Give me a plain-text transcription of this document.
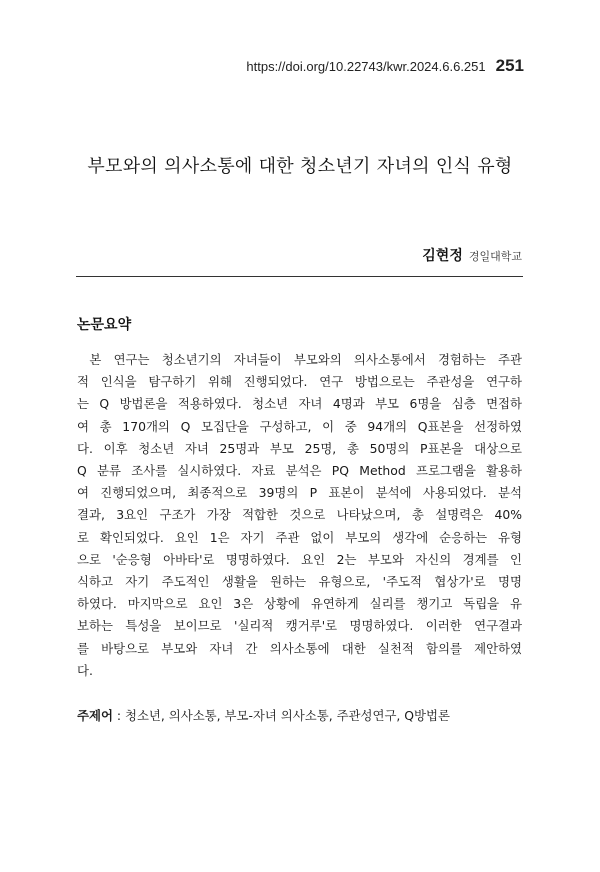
https://doi.org/10.22743/kwr.2024.6.6.251 251
부모와의 의사소통에 대한 청소년기 자녀의 인식 유형
김현정 경일대학교
논문요약
본 연구는 청소년기의 자녀들이 부모와의 의사소통에서 경험하는 주관
적 인식을 탐구하기 위해 진행되었다. 연구 방법으로는 주관성을 연구하
는 Q 방법론을 적용하였다. 청소년 자녀 4명과 부모 6명을 심층 면접하
여 총 170개의 Q 모집단을 구성하고, 이 중 94개의 Q표본을 선정하였
다. 이후 청소년 자녀 25명과 부모 25명, 총 50명의 P표본을 대상으로
Q 분류 조사를 실시하였다. 자료 분석은 PQ Method 프로그램을 활용하
여 진행되었으며, 최종적으로 39명의 P 표본이 분석에 사용되었다. 분석
결과, 3요인 구조가 가장 적합한 것으로 나타났으며, 총 설명력은 40%
로 확인되었다. 요인 1은 자기 주관 없이 부모의 생각에 순응하는 유형
으로 '순응형 아바타'로 명명하였다. 요인 2는 부모와 자신의 경계를 인
식하고 자기 주도적인 생활을 원하는 유형으로, '주도적 협상가'로 명명
하였다. 마지막으로 요인 3은 상황에 유연하게 실리를 챙기고 독립을 유
보하는 특성을 보이므로 '실리적 캥거루'로 명명하였다. 이러한 연구결과
를 바탕으로 부모와 자녀 간 의사소통에 대한 실천적 함의를 제안하였
다.
주제어 : 청소년, 의사소통, 부모-자녀 의사소통, 주관성연구, Q방법론
